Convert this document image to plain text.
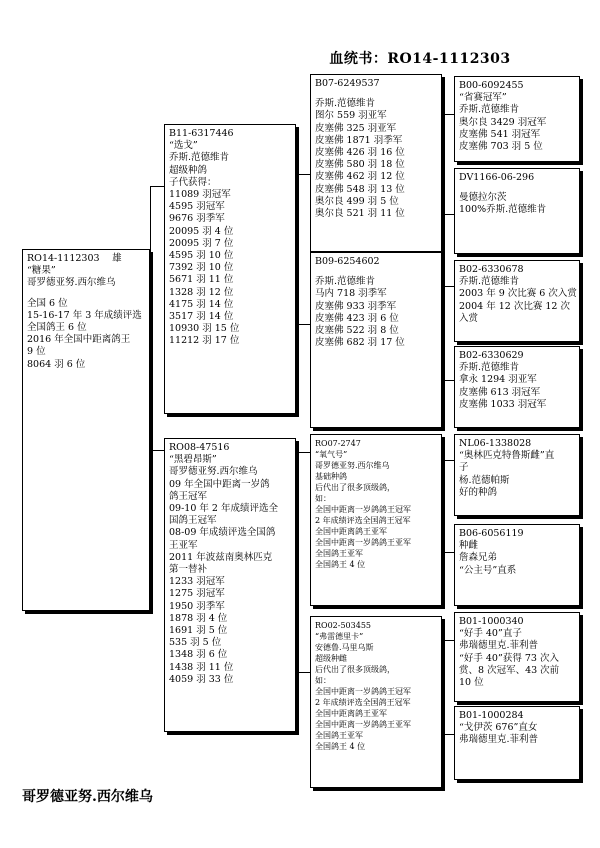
血统书：RO14-1112303
RO14-1112303　 雄
“糖果”
哥罗德亚努.西尔维乌
全国 6 位
15-16-17 年 3 年成绩评选
全国鸽王 6 位
2016 年全国中距离鸽王
9 位
8064 羽 6 位
B11-6317446
“选戈”
乔斯.范德维肯
超级种鸽
子代获得：
11089 羽冠军
4595 羽冠军
9676 羽季军
20095 羽 4 位
20095 羽 7 位
4595 羽 10 位
7392 羽 10 位
5671 羽 11 位
1328 羽 12 位
4175 羽 14 位
3517 羽 14 位
10930 羽 15 位
11212 羽 17 位
RO08-47516
“黑碧昂斯”
哥罗德亚努.西尔维乌
09 年全国中距离一岁鸽
鸽王冠军
09-10 年 2 年成绩评选全
国鸽王冠军
08-09 年成绩评选全国鸽
王亚军
2011 年波兹南奥林匹克
第一替补
1233 羽冠军
1275 羽冠军
1950 羽季军
1878 羽 4 位
1691 羽 5 位
535 羽 5 位
1348 羽 6 位
1438 羽 11 位
4059 羽 33 位
B07-6249537
乔斯.范德维肯
图尔 559 羽亚军
皮塞佛 325 羽亚军
皮塞佛 1871 羽季军
皮塞佛 426 羽 16 位
皮塞佛 580 羽 18 位
皮塞佛 462 羽 12 位
皮塞佛 548 羽 13 位
奥尔良 499 羽 5 位
奥尔良 521 羽 11 位
B09-6254602
乔斯.范德维肯
马内 718 羽季军
皮塞佛 933 羽季军
皮塞佛 423 羽 6 位
皮塞佛 522 羽 8 位
皮塞佛 682 羽 17 位
RO07-2747
“氧气号”
哥罗德亚努.西尔维乌
基础种鸽
后代出了很多顶级鸽，
如：
全国中距离一岁鸽鸽王冠军
2 年成绩评选全国鸽王冠军
全国中距离鸽王亚军
全国中距离一岁鸽鸽王亚军
全国鸽王亚军
全国鸽王 4 位
RO02-503455
“弗雷德里卡”
安德鲁.马里乌斯
超级种雌
后代出了很多顶级鸽，
如：
全国中距离一岁鸽鸽王冠军
2 年成绩评选全国鸽王冠军
全国中距离鸽王亚军
全国中距离一岁鸽鸽王亚军
全国鸽王亚军
全国鸽王 4 位
B00-6092455
“省赛冠军”
乔斯.范德维肯
奥尔良 3429 羽冠军
皮塞佛 541 羽冠军
皮塞佛 703 羽 5 位
DV1166-06-296
曼德拉尔茨
100%乔斯.范德维肯
B02-6330678
乔斯.范德维肯
2003 年 9 次比赛 6 次入赏
2004 年 12 次比赛 12 次
入赏
B02-6330629
乔斯.范德维肯
拿永 1294 羽亚军
皮塞佛 613 羽冠军
皮塞佛 1033 羽冠军
NL06-1338028
“奥林匹克特鲁斯雌”直
子
杨.范德帕斯
好的种鸽
B06-6056119
种雌
詹森兄弟
“公主号”直系
B01-1000340
“好手 40”直子
弗瑞德里克.菲利普
“好手 40”获得 73 次入
赏、8 次冠军、43 次前
10 位
B01-1000284
“戈伊茨 676”直女
弗瑞德里克.菲利普
哥罗德亚努.西尔维乌
